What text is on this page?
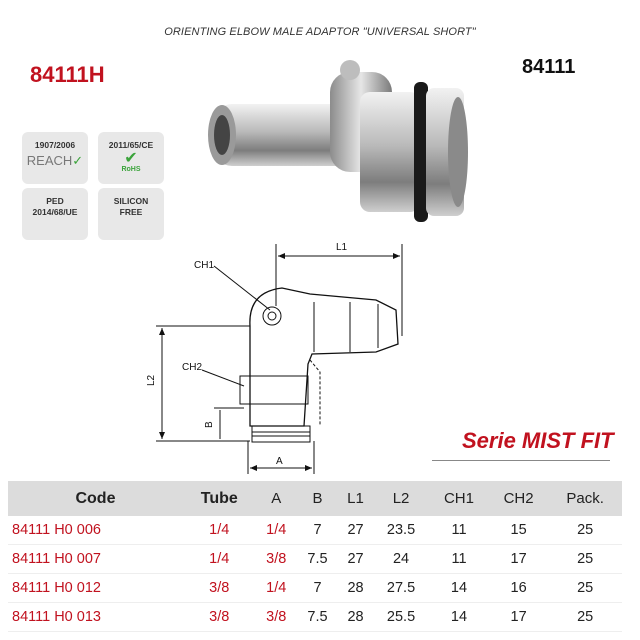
ORIENTING ELBOW MALE ADAPTOR "UNIVERSAL SHORT"
84111H	84111
1907/2006
REACH✓
2011/65/CE
✔
RoHS
PED
2014/68/UE
SILICON
FREE
L1
CH1
CH2
L2
B
A
Serie MIST FIT
Code	Tube	A	B	L1	L2	CH1	CH2	Pack.
84111 H0 006	1/4	1/4	7	27	23.5	11	15	25
84111 H0 007	1/4	3/8	7.5	27	24	11	17	25
84111 H0 012	3/8	1/4	7	28	27.5	14	16	25
84111 H0 013	3/8	3/8	7.5	28	25.5	14	17	25
